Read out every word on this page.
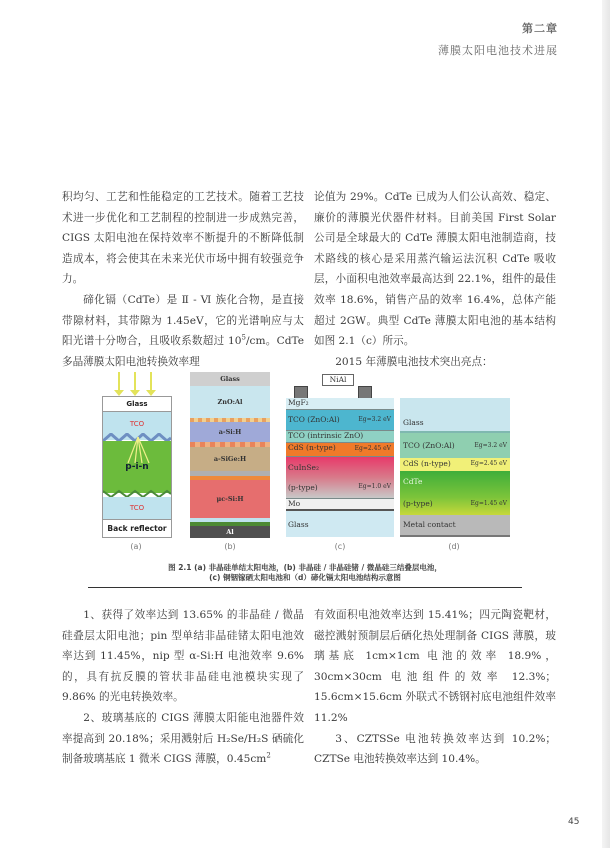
第二章
薄膜太阳电池技术进展

积均匀、工艺和性能稳定的工艺技术。随着工艺技术进一步优化和工艺制程的控制进一步成熟完善，CIGS 太阳电池在保持效率不断提升的不断降低制造成本，将会使其在未来光伏市场中拥有较强竞争力。

碲化镉（CdTe）是 Ⅱ - Ⅵ 族化合物，是直接带隙材料，其带隙为 1.45eV，它的光谱响应与太阳光谱十分吻合，且吸收系数超过 $10^5/cm$。CdTe 多晶薄膜太阳电池转换效率理

论值为 29%。CdTe 已成为人们公认高效、稳定、廉价的薄膜光伏器件材料。目前美国 First Solar 公司是全球最大的 CdTe 薄膜太阳电池制造商，技术路线的核心是采用蒸汽输运法沉积 CdTe 吸收层，小面积电池效率最高达到 22.1%，组件的最佳效率 18.6%，销售产品的效率 16.4%，总体产能超过 2GW。典型 CdTe 薄膜太阳电池的基本结构如图 2.1（c）所示。

2015 年薄膜电池技术突出亮点：

Glass
TCO
p-i-n
TCO
Back reflector
(a)
Glass
ZnO:Al
a-Si:H
a-SiGe:H
μc-Si:H
Al
(b)
NiAl
MgF₂
TCO (ZnO:Al)	Eg=3.2 eV
TCO (intrinsic ZnO)
CdS (n-type)	Eg=2.45 eV
CuInSe₂
(p-type)	Eg=1.0 eV
Mo
Glass
(c)
Glass
TCO (ZnO:Al)	Eg=3.2 eV
CdS (n-type)	Eg=2.45 eV
CdTe
(p-type)	Eg=1.45 eV
Metal contact
(d)
图 2.1 (a) 非晶硅单结太阳电池，(b) 非晶硅 / 非晶硅锗 / 微晶硅三结叠层电池，
(c) 铜铟镓硒太阳电池和（d）碲化镉太阳电池结构示意图

1、获得了效率达到 13.65% 的非晶硅 / 微晶硅叠层太阳电池；pin 型单结非晶硅锗太阳电池效率达到 11.45%，nip 型 α-Si:H 电池效率 9.6% 的，具有抗反膜的管状非晶硅电池模块实现了 9.86% 的光电转换效率。

2、玻璃基底的 CIGS 薄膜太阳能电池器件效率提高到 20.18%；采用溅射后 H₂Se/H₂S 硒硫化制备玻璃基底 1 微米 CIGS 薄膜，$0.45cm^2$

有效面积电池效率达到 15.41%；四元陶瓷靶材，磁控溅射预制层后硒化热处理制备 CIGS 薄膜，玻璃基底 1cm×1cm 电池的效率 18.9%，30cm×30cm 电池组件的效率 12.3%；15.6cm×15.6cm 外联式不锈钢衬底电池组件效率 11.2%

3、CZTSSe 电池转换效率达到 10.2%；CZTSe 电池转换效率达到 10.4%。

45
